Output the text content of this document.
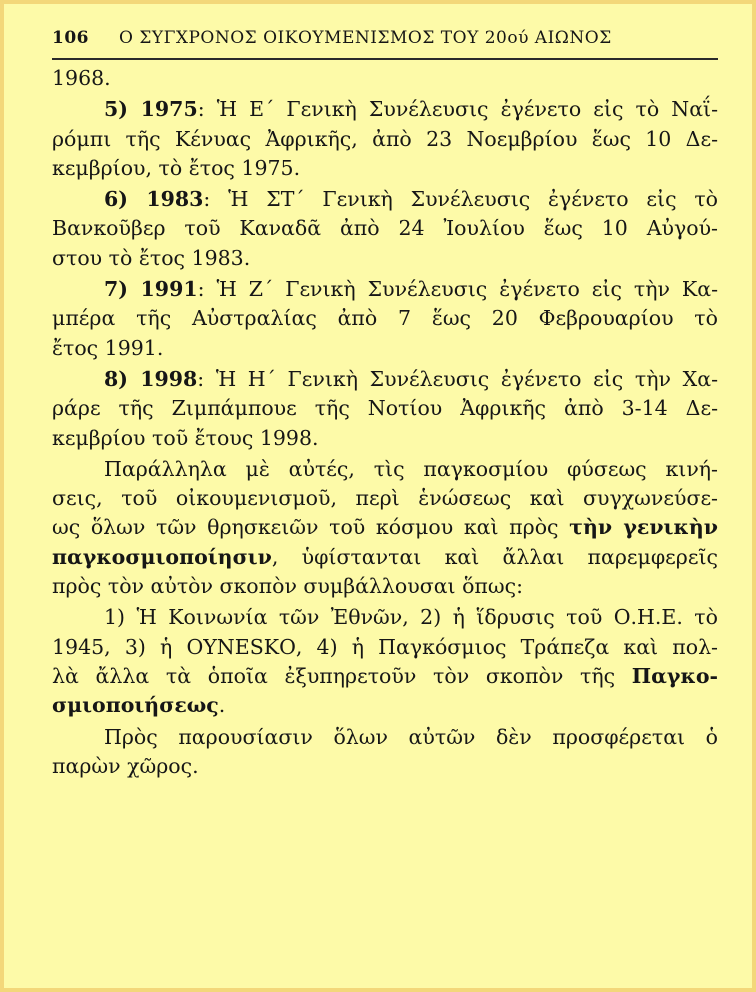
106 Ο ΣΥΓΧΡΟΝΟΣ ΟΙΚΟΥΜΕΝΙΣΜΟΣ ΤΟΥ 20ού ΑΙΩΝΟΣ
1968.
5) 1975: Ἡ Ε΄ Γενικὴ Συνέλευσις ἐγένετο εἰς τὸ Ναΐ-
ρόμπι τῆς Κένυας Ἀφρικῆς, ἀπὸ 23 Νοεμβρίου ἕως 10 Δε-
κεμβρίου, τὸ ἔτος 1975.
6) 1983: Ἡ ΣΤ΄ Γενικὴ Συνέλευσις ἐγένετο εἰς τὸ
Βανκοῦβερ τοῦ Καναδᾶ ἀπὸ 24 Ἰουλίου ἕως 10 Αὐγού-
στου τὸ ἔτος 1983.
7) 1991: Ἡ Ζ΄ Γενικὴ Συνέλευσις ἐγένετο εἰς τὴν Κα-
μπέρα τῆς Αὐστραλίας ἀπὸ 7 ἕως 20 Φεβρουαρίου τὸ
ἔτος 1991.
8) 1998: Ἡ Η΄ Γενικὴ Συνέλευσις ἐγένετο εἰς τὴν Χα-
ράρε τῆς Ζιμπάμπουε τῆς Νοτίου Ἀφρικῆς ἀπὸ 3-14 Δε-
κεμβρίου τοῦ ἔτους 1998.
Παράλληλα μὲ αὐτές, τὶς παγκοσμίου φύσεως κινή-
σεις, τοῦ οἰκουμενισμοῦ, περὶ ἑνώσεως καὶ συγχωνεύσε-
ως ὅλων τῶν θρησκειῶν τοῦ κόσμου καὶ πρὸς τὴν γενικὴν
παγκοσμιοποίησιν, ὑφίστανται καὶ ἄλλαι παρεμφερεῖς
πρὸς τὸν αὐτὸν σκοπὸν συμβάλλουσαι ὅπως:
1) Ἡ Κοινωνία τῶν Ἐθνῶν, 2) ἡ ἵδρυσις τοῦ Ο.Η.Ε. τὸ
1945, 3) ἡ ΟΥΝΕSΚΟ, 4) ἡ Παγκόσμιος Τράπεζα καὶ πολ-
λὰ ἄλλα τὰ ὁποῖα ἐξυπηρετοῦν τὸν σκοπὸν τῆς Παγκο-
σμιοποιήσεως.
Πρὸς παρουσίασιν ὅλων αὐτῶν δὲν προσφέρεται ὁ
παρὼν χῶρος.
